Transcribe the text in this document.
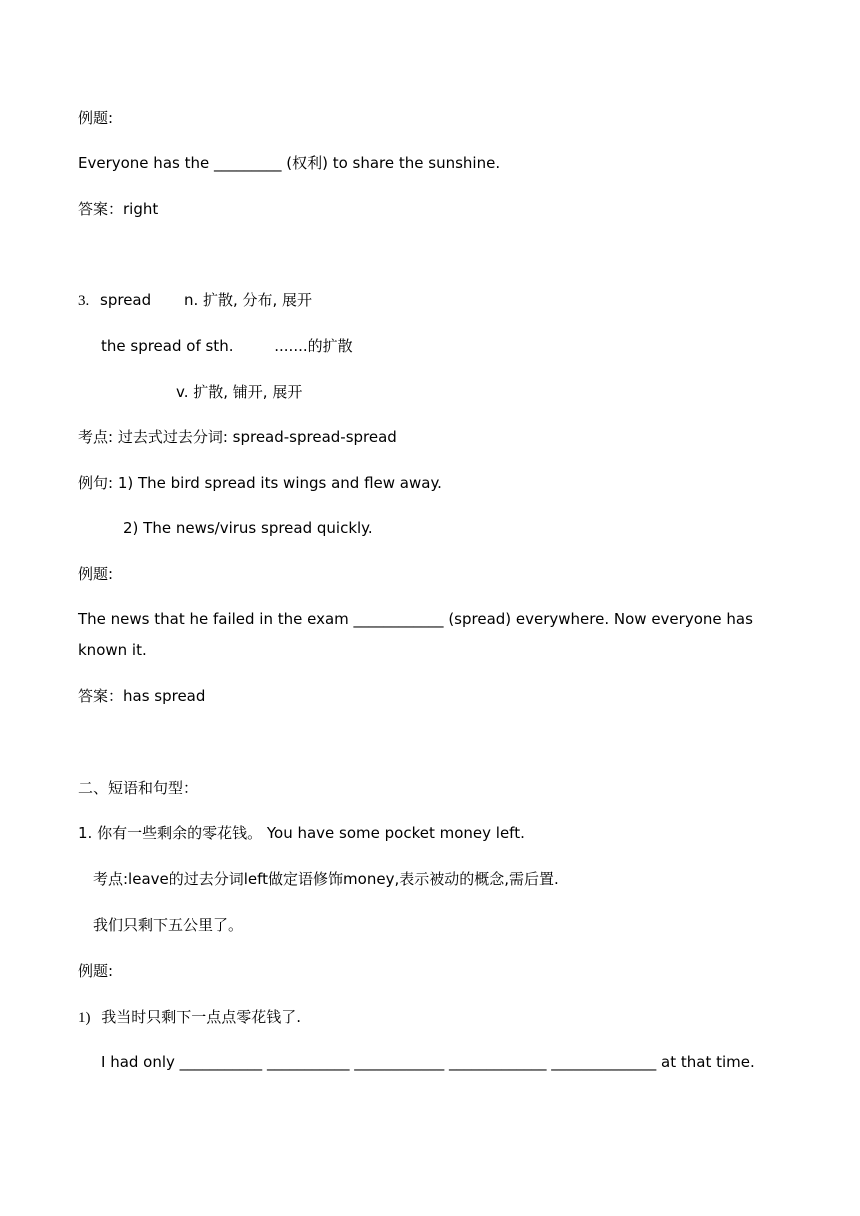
例题:
Everyone has the _________ (权利) to share the sunshine.
答案：right
3. spread n. 扩散, 分布, 展开
the spread of sth.	.......的扩散
v. 扩散, 铺开, 展开
考点: 过去式过去分词: spread-spread-spread
例句: 1) The bird spread its wings and flew away.
2) The news/virus spread quickly.
例题:
The news that he failed in the exam ____________ (spread) everywhere. Now everyone has known it.
答案：has spread
二、短语和句型：
1. 你有一些剩余的零花钱。 You have some pocket money left.
考点:leave的过去分词left做定语修饰money,表示被动的概念,需后置.
我们只剩下五公里了。
例题:
1) 我当时只剩下一点点零花钱了.
I had only ___________ ___________ ____________ _____________ ______________ at that time.
